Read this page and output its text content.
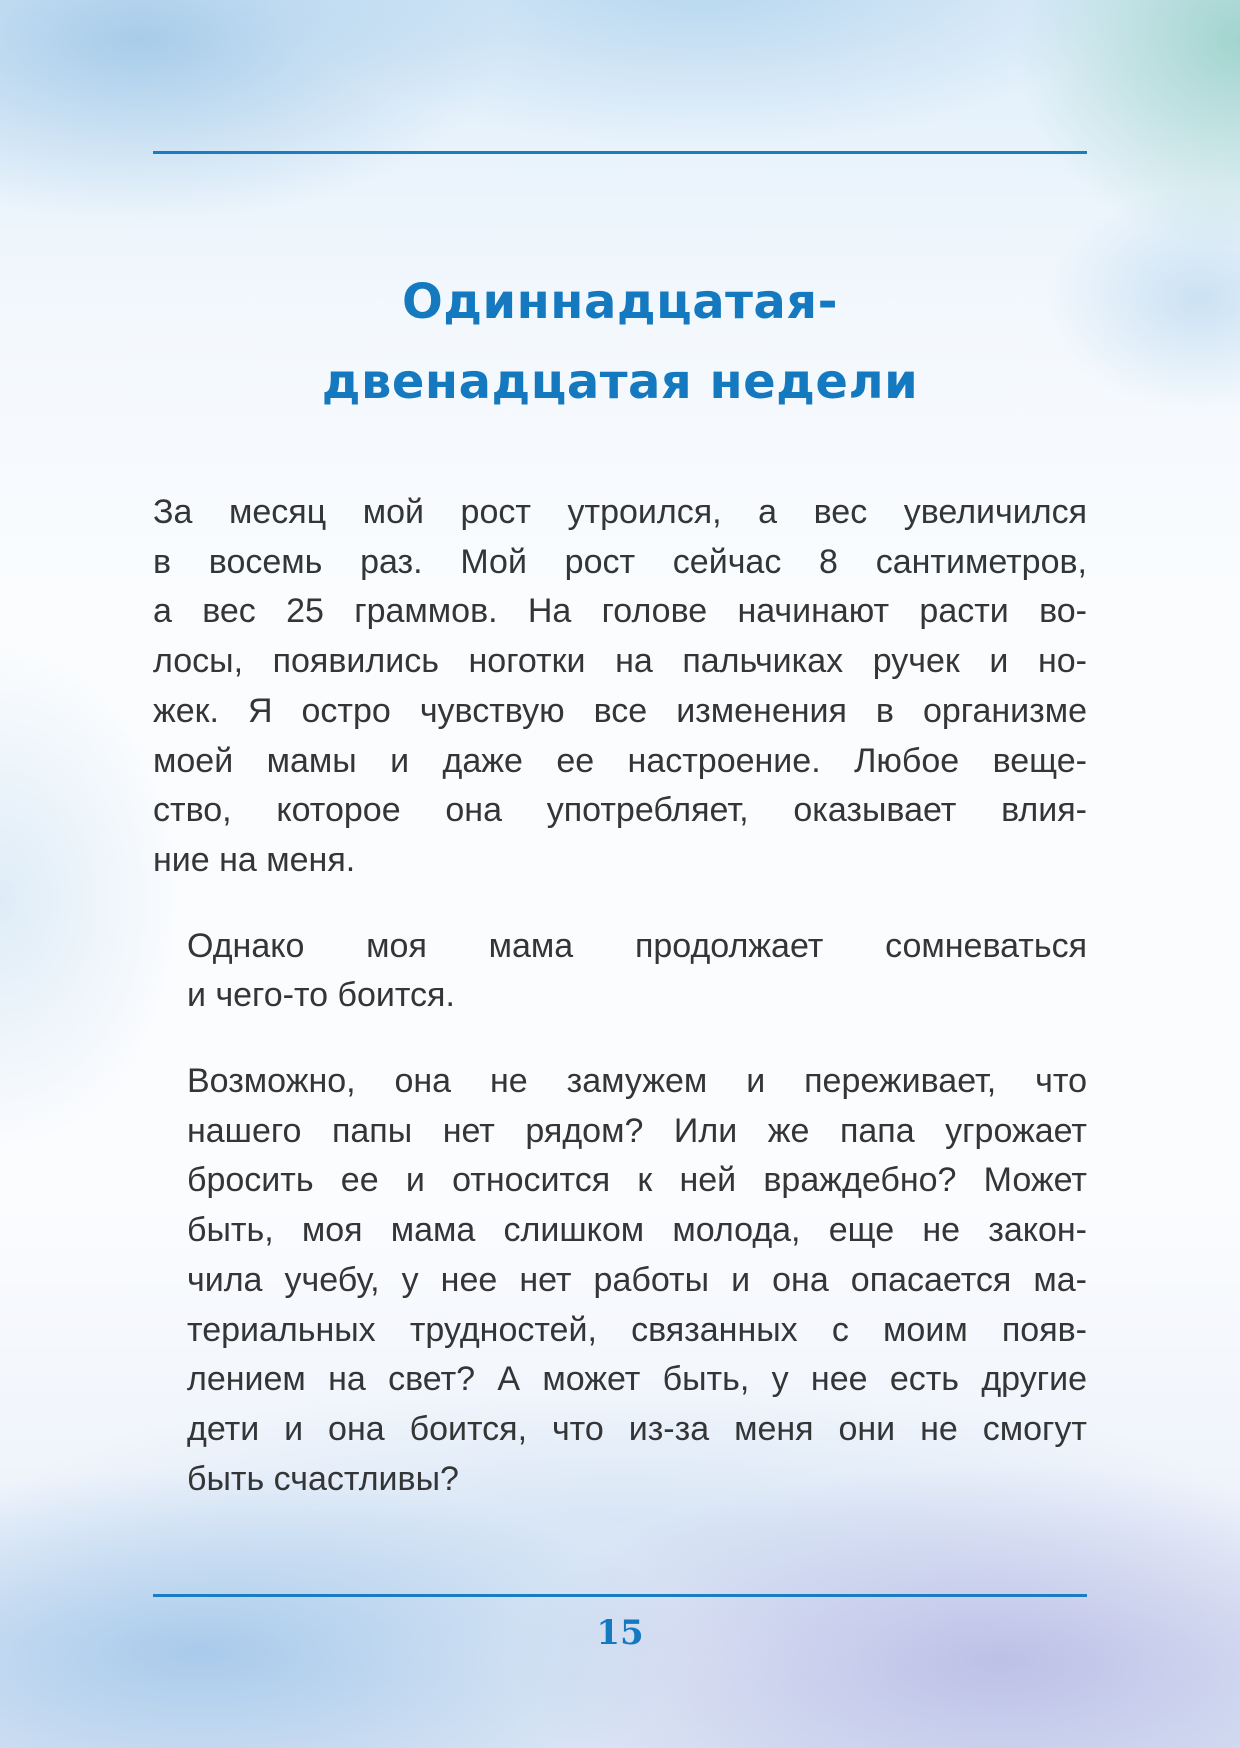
Одиннадцатая-
двенадцатая недели

За месяц мой рост утроился, а вес увеличился
в восемь раз. Мой рост сейчас 8 сантиметров,
а вес 25 граммов. На голове начинают расти во-
лосы, появились ноготки на пальчиках ручек и но-
жек. Я остро чувствую все изменения в организме
моей мамы и даже ее настроение. Любое веще-
ство, которое она употребляет, оказывает влия-
ние на меня.

Однако моя мама продолжает сомневаться
и чего-то боится.

Возможно, она не замужем и переживает, что
нашего папы нет рядом? Или же папа угрожает
бросить ее и относится к ней враждебно? Может
быть, моя мама слишком молода, еще не закон-
чила учебу, у нее нет работы и она опасается ма-
териальных трудностей, связанных с моим появ-
лением на свет? А может быть, у нее есть другие
дети и она боится, что из-за меня они не смогут
быть счастливы?

15
